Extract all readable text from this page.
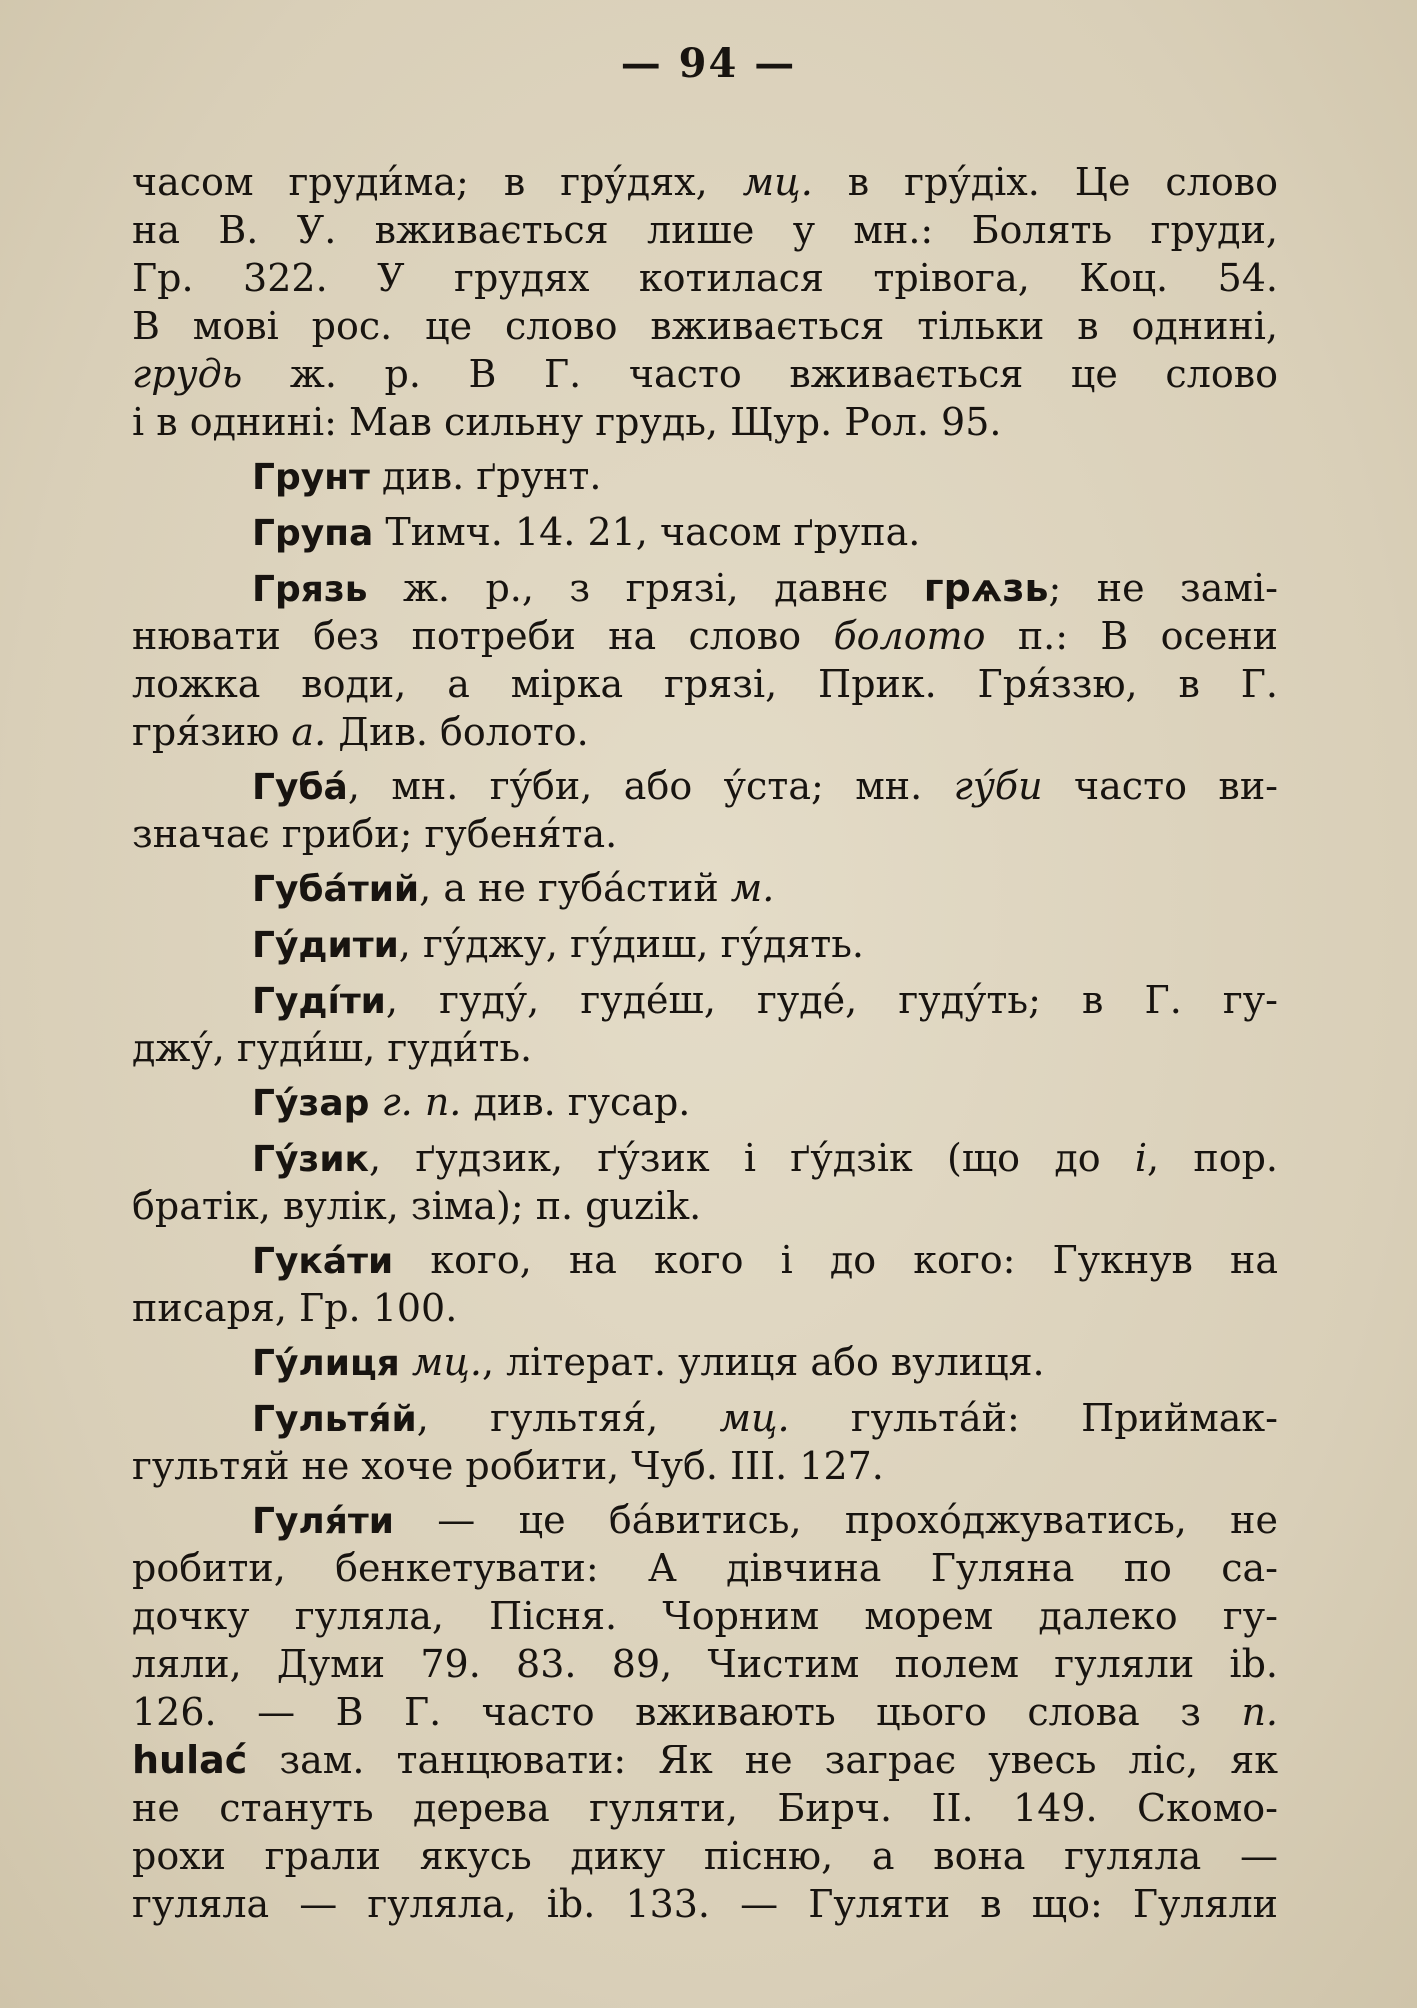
— 94 —
часом груди́ма; в гру́дях, мц. в гру́діх. Це слово
на В. У. вживається лише у мн.: Болять груди,
Гр. 322. У грудях котилася трівога, Коц. 54.
В мові рос. це слово вживається тільки в однині,
грудь ж. р. В Г. часто вживається це слово
і в однині: Мав сильну грудь, Щур. Рол. 95.
Грунт див. ґрунт.
Група Тимч. 14. 21, часом ґрупа.
Грязь ж. р., з грязі, давнє грѧзь; не замі-
нювати без потреби на слово болото п.: В осени
ложка води, а мірка грязі, Прик. Гря́ззю, в Г.
гря́зию а. Див. болото.
Губа́, мн. гу́би, або у́ста; мн. гу́би часто ви-
значає гриби; губеня́та.
Губа́тий, а не губа́стий м.
Гу́дити, гу́джу, гу́диш, гу́дять.
Гуді́ти, гуду́, гуде́ш, гуде́, гуду́ть; в Г. гу-
джу́, гуди́ш, гуди́ть.
Гу́зар г. п. див. гусар.
Гу́зик, ґудзик, ґу́зик і ґу́дзік (що до і, пор.
братік, вулік, зіма); п. guzik.
Гука́ти кого, на кого і до кого: Гукнув на
писаря, Гр. 100.
Гу́лиця мц., літерат. улиця або вулиця.
Гультя́й, гультяя́, мц. гульта́й: Приймак-
гультяй не хоче робити, Чуб. III. 127.
Гуля́ти — це ба́витись, прохо́джуватись, не
робити, бенкетувати: А дівчина Гуляна по са-
дочку гуляла, Пісня. Чорним морем далеко гу-
ляли, Думи 79. 83. 89, Чистим полем гуляли ib.
126. — В Г. часто вживають цього слова з п.
hulać зам. танцювати: Як не заграє увесь ліс, як
не стануть дерева гуляти, Бирч. II. 149. Скомо-
рохи грали якусь дику пісню, а вона гуляла —
гуляла — гуляла, ib. 133. — Гуляти в що: Гуляли
